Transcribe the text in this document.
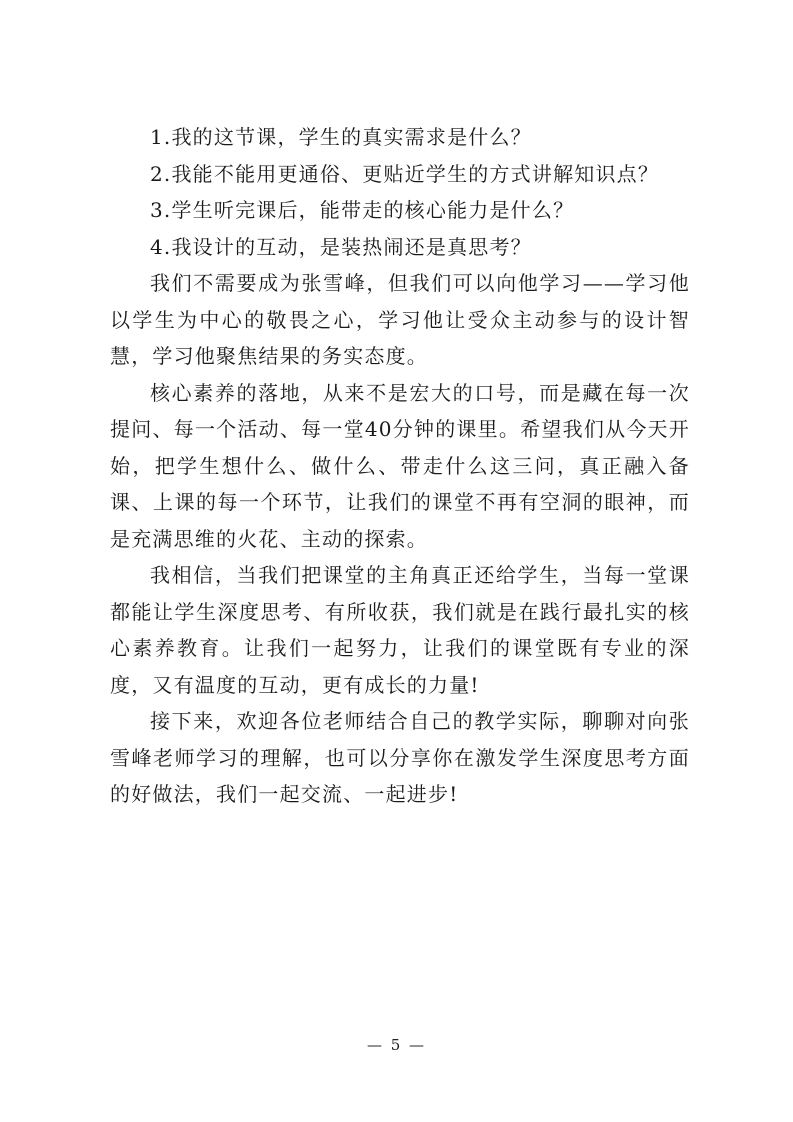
1.我的这节课，学生的真实需求是什么？

2.我能不能用更通俗、更贴近学生的方式讲解知识点？

3.学生听完课后，能带走的核心能力是什么？

4.我设计的互动，是装热闹还是真思考？

我们不需要成为张雪峰，但我们可以向他学习——学习他以学生为中心的敬畏之心，学习他让受众主动参与的设计智慧，学习他聚焦结果的务实态度。

核心素养的落地，从来不是宏大的口号，而是藏在每一次提问、每一个活动、每一堂40分钟的课里。希望我们从今天开始，把学生想什么、做什么、带走什么这三问，真正融入备课、上课的每一个环节，让我们的课堂不再有空洞的眼神，而是充满思维的火花、主动的探索。

我相信，当我们把课堂的主角真正还给学生，当每一堂课都能让学生深度思考、有所收获，我们就是在践行最扎实的核心素养教育。让我们一起努力，让我们的课堂既有专业的深度，又有温度的互动，更有成长的力量!

接下来，欢迎各位老师结合自己的教学实际，聊聊对向张雪峰老师学习的理解，也可以分享你在激发学生深度思考方面的好做法，我们一起交流、一起进步!

— 5 —
